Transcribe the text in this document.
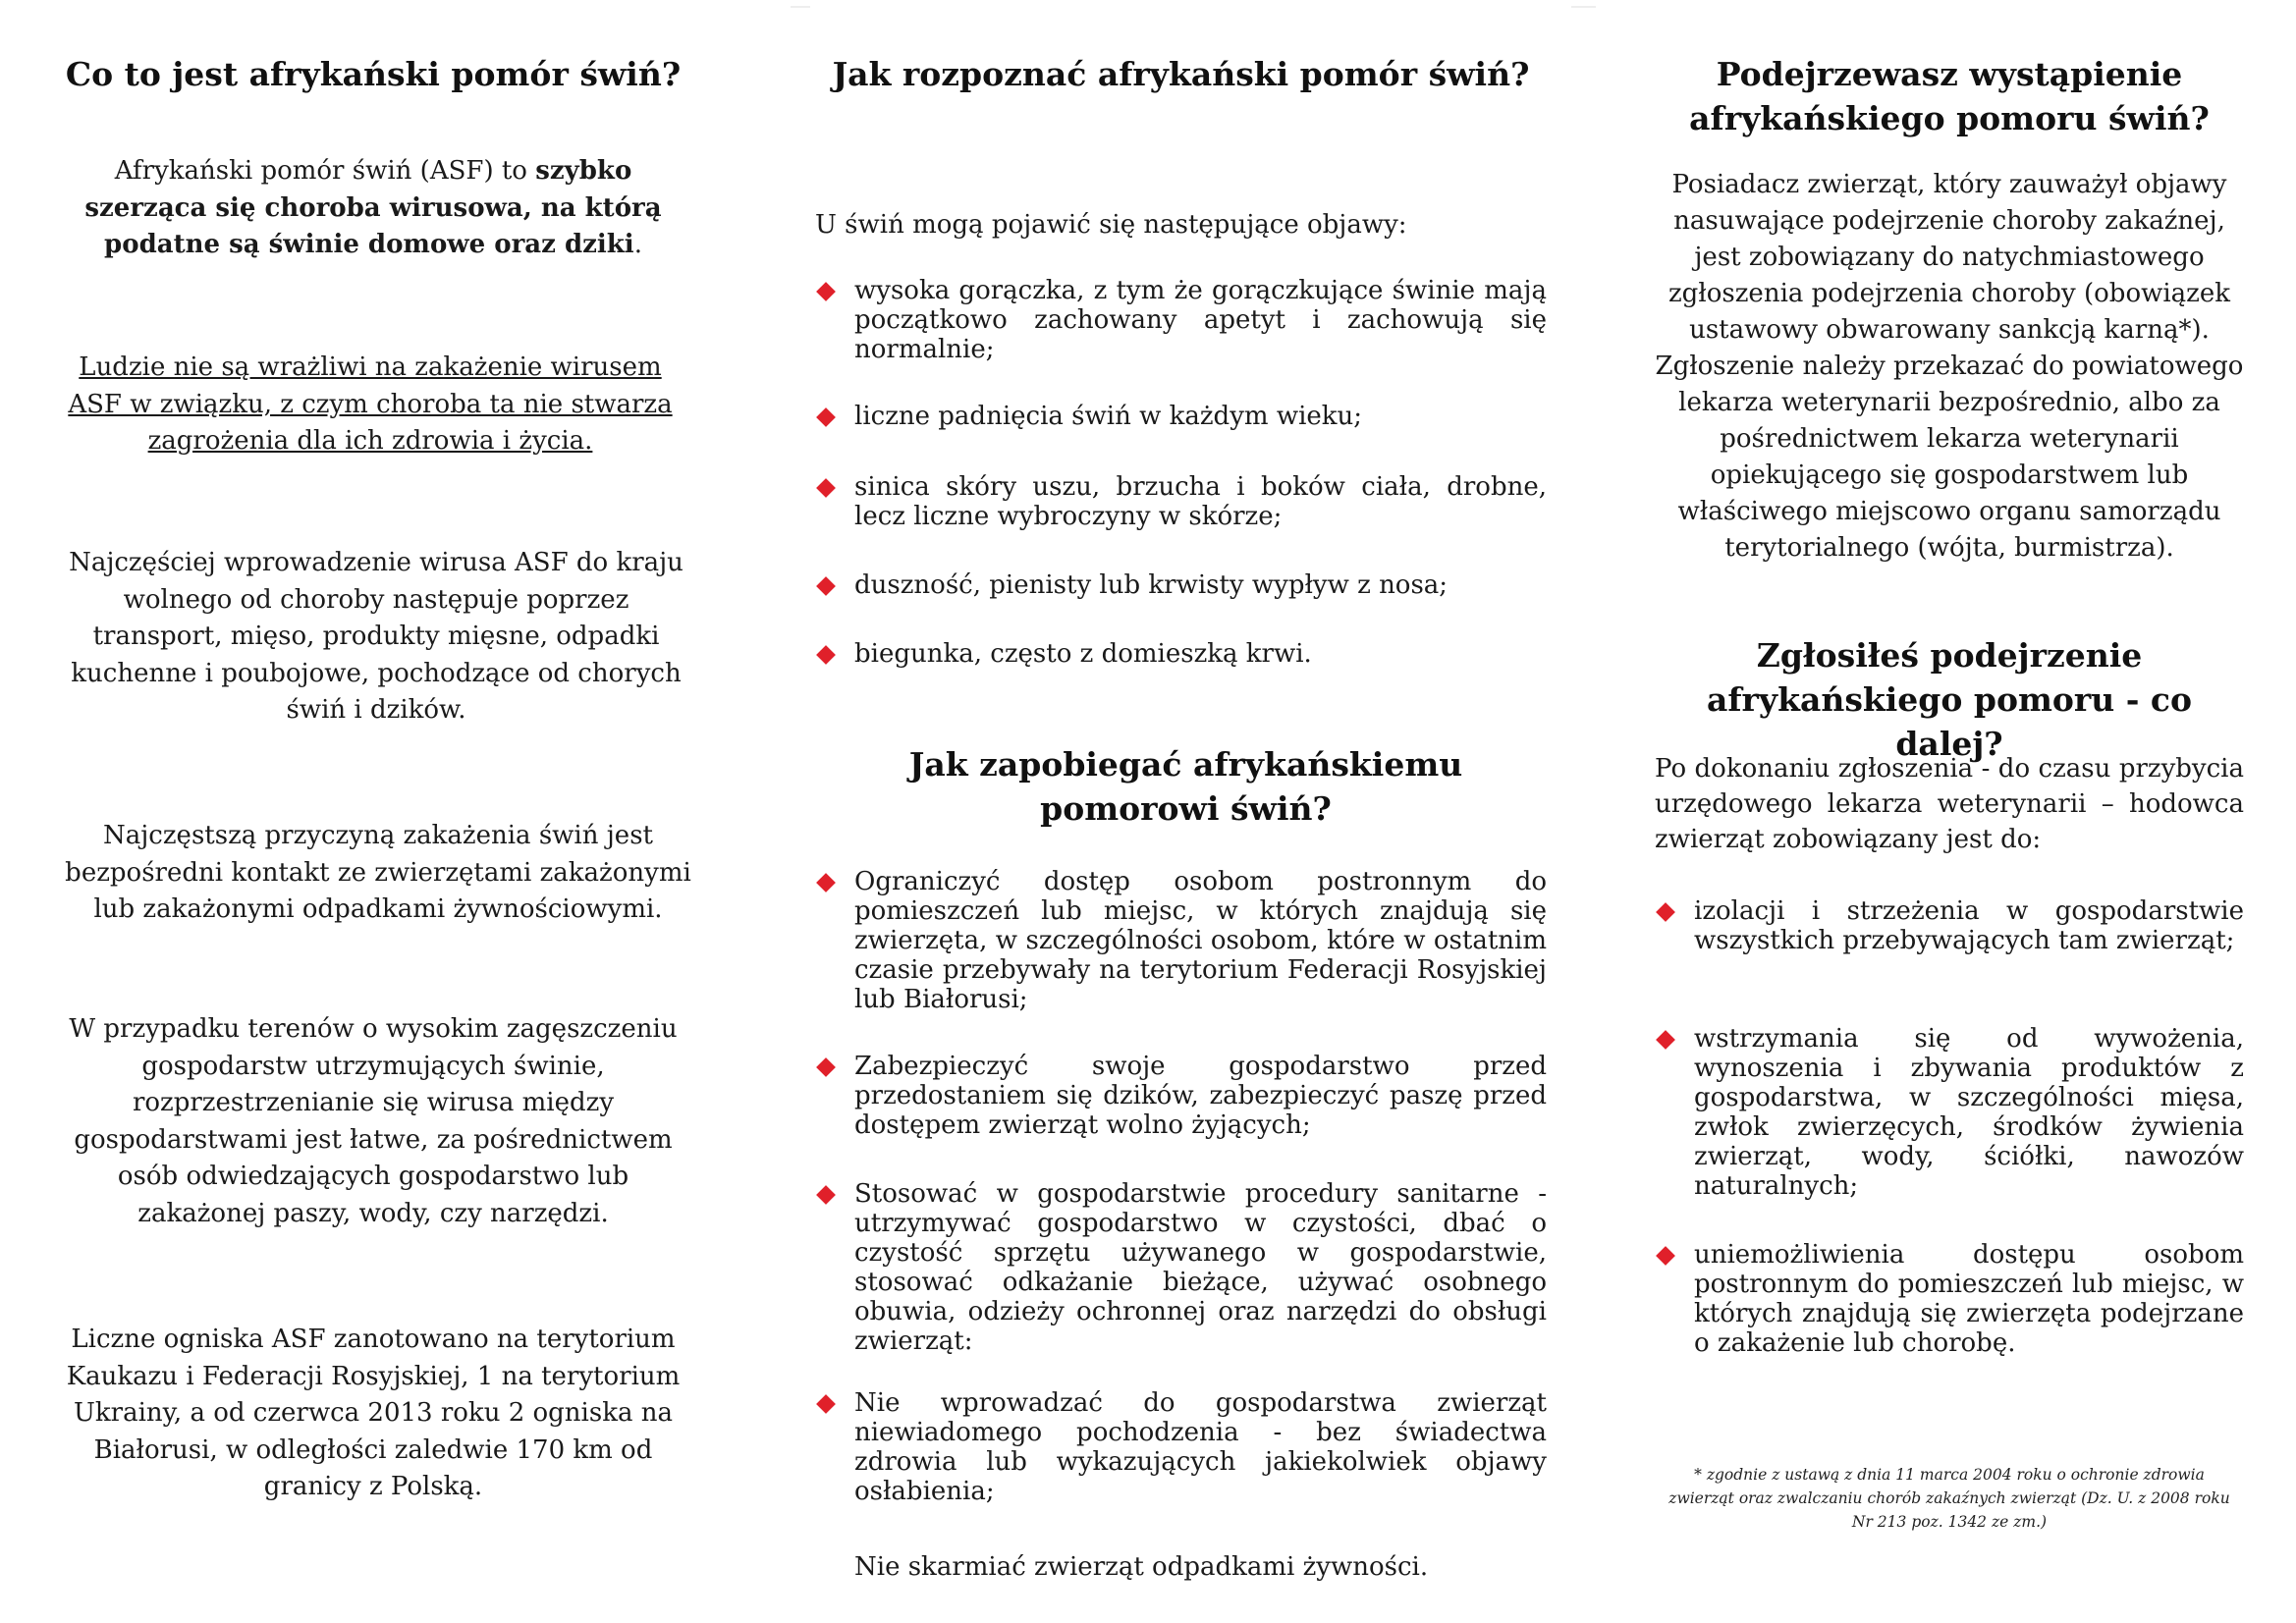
Co to jest afrykański pomór świń?

Afrykański pomór świń (ASF) to szybko szerząca się choroba wirusowa, na którą podatne są świnie domowe oraz dziki.

Ludzie nie są wrażliwi na zakażenie wirusem ASF w związku, z czym choroba ta nie stwarza zagrożenia dla ich zdrowia i życia.

Najczęściej wprowadzenie wirusa ASF do kraju wolnego od choroby następuje poprzez transport, mięso, produkty mięsne, odpadki kuchenne i poubojowe, pochodzące od chorych świń i dzików.

Najczęstszą przyczyną zakażenia świń jest bezpośredni kontakt ze zwierzętami zakażonymi lub zakażonymi odpadkami żywnościowymi.

W przypadku terenów o wysokim zagęszczeniu gospodarstw utrzymujących świnie, rozprzestrzenianie się wirusa między gospodarstwami jest łatwe, za pośrednictwem osób odwiedzających gospodarstwo lub zakażonej paszy, wody, czy narzędzi.

Liczne ogniska ASF zanotowano na terytorium Kaukazu i Federacji Rosyjskiej, 1 na terytorium Ukrainy, a od czerwca 2013 roku 2 ogniska na Białorusi, w odległości zaledwie 170 km od granicy z Polską.

Jak rozpoznać afrykański pomór świń?

U świń mogą pojawić się następujące objawy:

wysoka gorączka, z tym że gorączkujące świnie mają początkowo zachowany apetyt i zachowują się normalnie;
liczne padnięcia świń w każdym wieku;
sinica skóry uszu, brzucha i boków ciała, drobne, lecz liczne wybroczyny w skórze;
duszność, pienisty lub krwisty wypływ z nosa;
biegunka, często z domieszką krwi.
Jak zapobiegać afrykańskiemu pomorowi świń?
Ograniczyć dostęp osobom postronnym do pomieszczeń lub miejsc, w których znajdują się zwierzęta, w szczególności osobom, które w ostatnim czasie przebywały na terytorium Federacji Rosyjskiej lub Białorusi;
Zabezpieczyć swoje gospodarstwo przed przedostaniem się dzików, zabezpieczyć paszę przed dostępem zwierząt wolno żyjących;
Stosować w gospodarstwie procedury sanitarne - utrzymywać gospodarstwo w czystości, dbać o czystość sprzętu używanego w gospodarstwie, stosować odkażanie bieżące, używać osobnego obuwia, odzieży ochronnej oraz narzędzi do obsługi zwierząt:
Nie wprowadzać do gospodarstwa zwierząt niewiadomego pochodzenia - bez świadectwa zdrowia lub wykazujących jakiekolwiek objawy osłabienia;

Nie skarmiać zwierząt odpadkami żywności.

Podejrzewasz wystąpienie afrykańskiego pomoru świń?

Posiadacz zwierząt, który zauważył objawy nasuwające podejrzenie choroby zakaźnej, jest zobowiązany do natychmiastowego zgłoszenia podejrzenia choroby (obowiązek ustawowy obwarowany sankcją karną*). Zgłoszenie należy przekazać do powiatowego lekarza weterynarii bezpośrednio, albo za pośrednictwem lekarza weterynarii opiekującego się gospodarstwem lub właściwego miejscowo organu samorządu terytorialnego (wójta, burmistrza).

Zgłosiłeś podejrzenie afrykańskiego pomoru - co dalej?

Po dokonaniu zgłoszenia - do czasu przybycia urzędowego lekarza weterynarii – hodowca zwierząt zobowiązany jest do:

izolacji i strzeżenia w gospodarstwie wszystkich przebywających tam zwierząt;
wstrzymania się od wywożenia, wynoszenia i zbywania produktów z gospodarstwa, w szczególności mięsa, zwłok zwierzęcych, środków żywienia zwierząt, wody, ściółki, nawozów naturalnych;
uniemożliwienia dostępu osobom postronnym do pomieszczeń lub miejsc, w których znajdują się zwierzęta podejrzane o zakażenie lub chorobę.
* zgodnie z ustawą z dnia 11 marca 2004 roku o ochronie zdrowia zwierząt oraz zwalczaniu chorób zakaźnych zwierząt (Dz. U. z 2008 roku Nr 213 poz. 1342 ze zm.)
